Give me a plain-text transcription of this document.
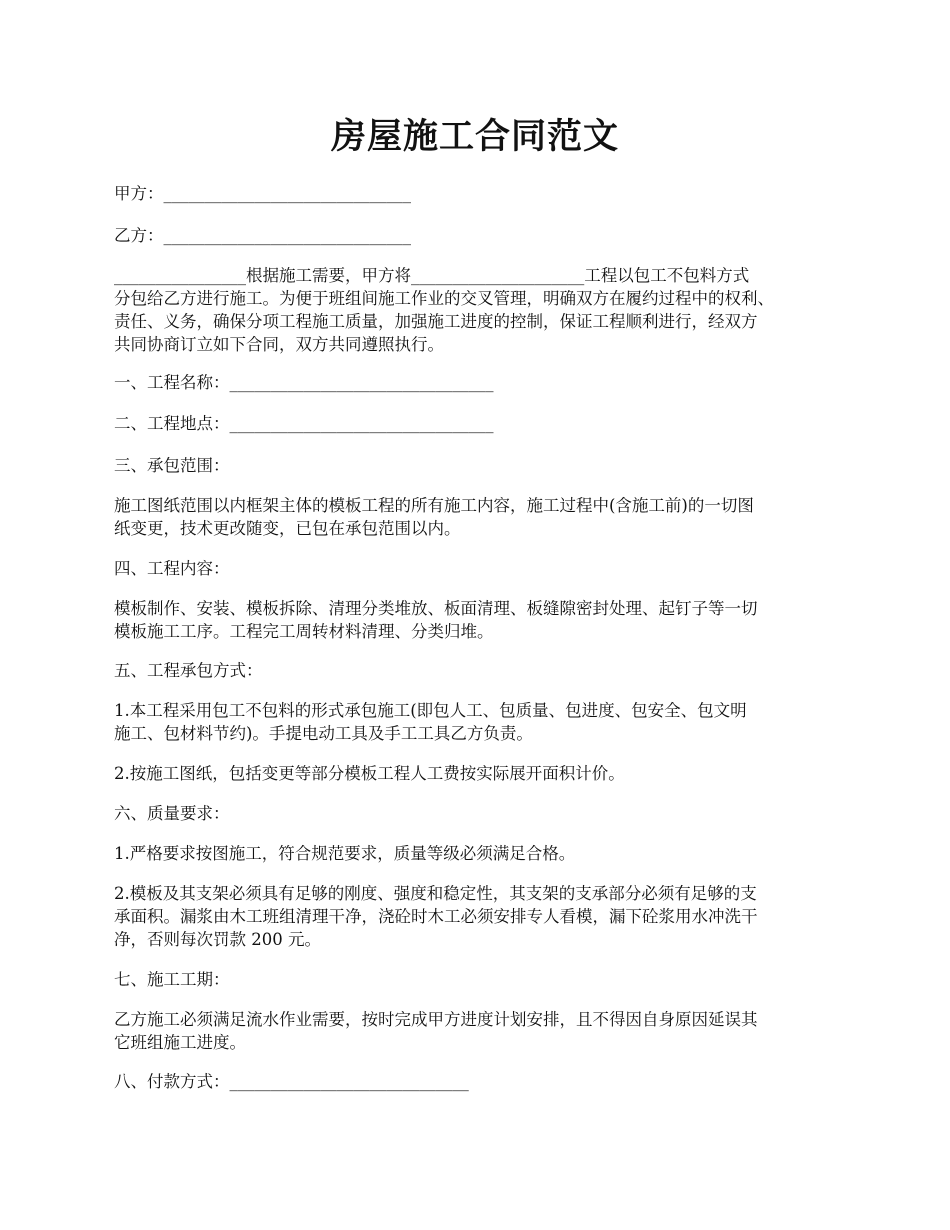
房屋施工合同范文

甲方：______________________________

乙方：______________________________

________________根据施工需要，甲方将_____________________工程以包工不包料方式

分包给乙方进行施工。为便于班组间施工作业的交叉管理，明确双方在履约过程中的权利、

责任、义务，确保分项工程施工质量，加强施工进度的控制，保证工程顺利进行，经双方

共同协商订立如下合同，双方共同遵照执行。

一、工程名称：________________________________

二、工程地点：________________________________

三、承包范围：

施工图纸范围以内框架主体的模板工程的所有施工内容，施工过程中(含施工前)的一切图

纸变更，技术更改随变，已包在承包范围以内。

四、工程内容：

模板制作、安装、模板拆除、清理分类堆放、板面清理、板缝隙密封处理、起钉子等一切

模板施工工序。工程完工周转材料清理、分类归堆。

五、工程承包方式：

1.本工程采用包工不包料的形式承包施工(即包人工、包质量、包进度、包安全、包文明

施工、包材料节约)。手提电动工具及手工工具乙方负责。

2.按施工图纸，包括变更等部分模板工程人工费按实际展开面积计价。

六、质量要求：

1.严格要求按图施工，符合规范要求，质量等级必须满足合格。

2.模板及其支架必须具有足够的刚度、强度和稳定性，其支架的支承部分必须有足够的支

承面积。漏浆由木工班组清理干净，浇砼时木工必须安排专人看模，漏下砼浆用水冲洗干

净，否则每次罚款 200 元。

七、施工工期：

乙方施工必须满足流水作业需要，按时完成甲方进度计划安排，且不得因自身原因延误其

它班组施工进度。

八、付款方式：_____________________________
